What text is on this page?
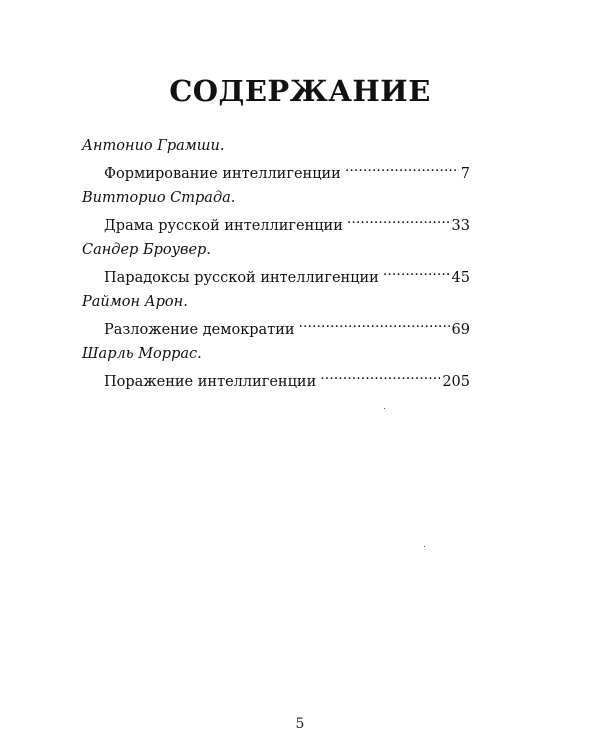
СОДЕРЖАНИЕ
Антонио Грамши.
Формирование интеллигенции . . .	7
Витторио Страда.
Драма русской интеллигенции . . .	33
Сандер Броувер.
Парадоксы русской интеллигенции . . .	45
Раймон Арон.
Разложение демократии . . .	69
Шарль Моррас.
Поражение интеллигенции . . .	205
5
